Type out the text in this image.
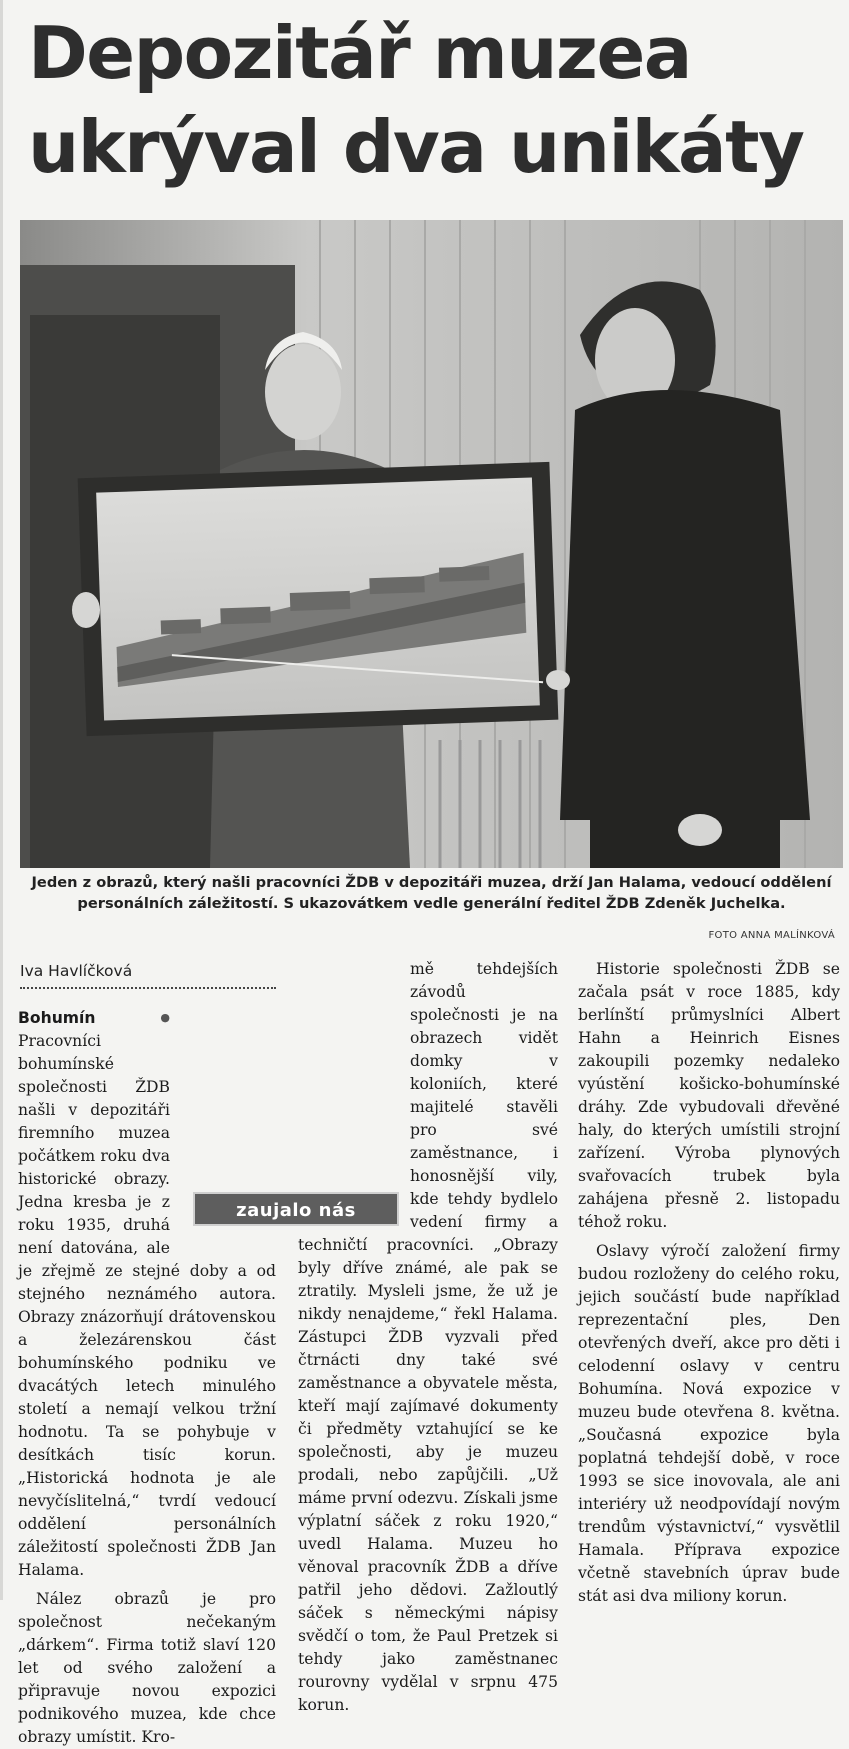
Depozitář muzea
ukrýval dva unikáty
Jeden z obrazů, který našli pracovníci ŽDB v depozitáři muzea, drží Jan Halama, vedoucí oddělení personálních záležitostí. S ukazovátkem vedle generální ředitel ŽDB Zdeněk Juchelka.
FOTO ANNA MALÍNKOVÁ
Iva Havlíčková
zaujalo nás

Bohumín	● Pracovníci bohumínské společnosti ŽDB našli v depozitáři firemního muzea počátkem roku dva historické obrazy. Jedna kresba je z roku 1935, druhá není datována, ale je zřejmě ze stejné doby a od stejného neznámého autora. Obrazy znázorňují drátovenskou a železárenskou část bohumínského podniku ve dvacátých letech minulého století a nemají velkou tržní hodnotu. Ta se pohybuje v desítkách tisíc korun. „Historická hodnota je ale nevyčíslitelná,“ tvrdí vedoucí oddělení personálních záležitostí společnosti ŽDB Jan Halama.

Nález obrazů je pro společnost nečekaným „dárkem“. Firma totiž slaví 120 let od svého založení a připravuje novou expozici podnikového muzea, kde chce obrazy umístit. Kro-

mě tehdejších závodů společnosti je na obrazech vidět domky v koloniích, které majitelé stavěli pro své zaměstnance, i honosnější vily, kde tehdy bydlelo vedení firmy a techničtí pracovníci. „Obrazy byly dříve známé, ale pak se ztratily. Mysleli jsme, že už je nikdy nenajdeme,“ řekl Halama. Zástupci ŽDB vyzvali před čtrnácti dny také své zaměstnance a obyvatele města, kteří mají zajímavé dokumenty či předměty vztahující se ke společnosti, aby je muzeu prodali, nebo zapůjčili. „Už máme první odezvu. Získali jsme výplatní sáček z roku 1920,“ uvedl Halama. Muzeu ho věnoval pracovník ŽDB a dříve patřil jeho dědovi. Zažloutlý sáček s německými nápisy svědčí o tom, že Paul Pretzek si tehdy jako zaměstnanec rourovny vydělal v srpnu 475 korun.

Historie společnosti ŽDB se začala psát v roce 1885, kdy berlínští průmyslníci Albert Hahn a Heinrich Eisnes zakoupili pozemky nedaleko vyústění košicko-bohumínské dráhy. Zde vybudovali dřevěné haly, do kterých umístili strojní zařízení. Výroba plynových svařovacích trubek byla zahájena přesně 2. listopadu téhož roku.

Oslavy výročí založení firmy budou rozloženy do celého roku, jejich součástí bude například reprezentační ples, Den otevřených dveří, akce pro děti i celodenní oslavy v centru Bohumína. Nová expozice v muzeu bude otevřena 8. května. „Současná expozice byla poplatná tehdejší době, v roce 1993 se sice inovovala, ale ani interiéry už neodpovídají novým trendům výstavnictví,“ vysvětlil Hamala. Příprava expozice včetně stavebních úprav bude stát asi dva miliony korun.
